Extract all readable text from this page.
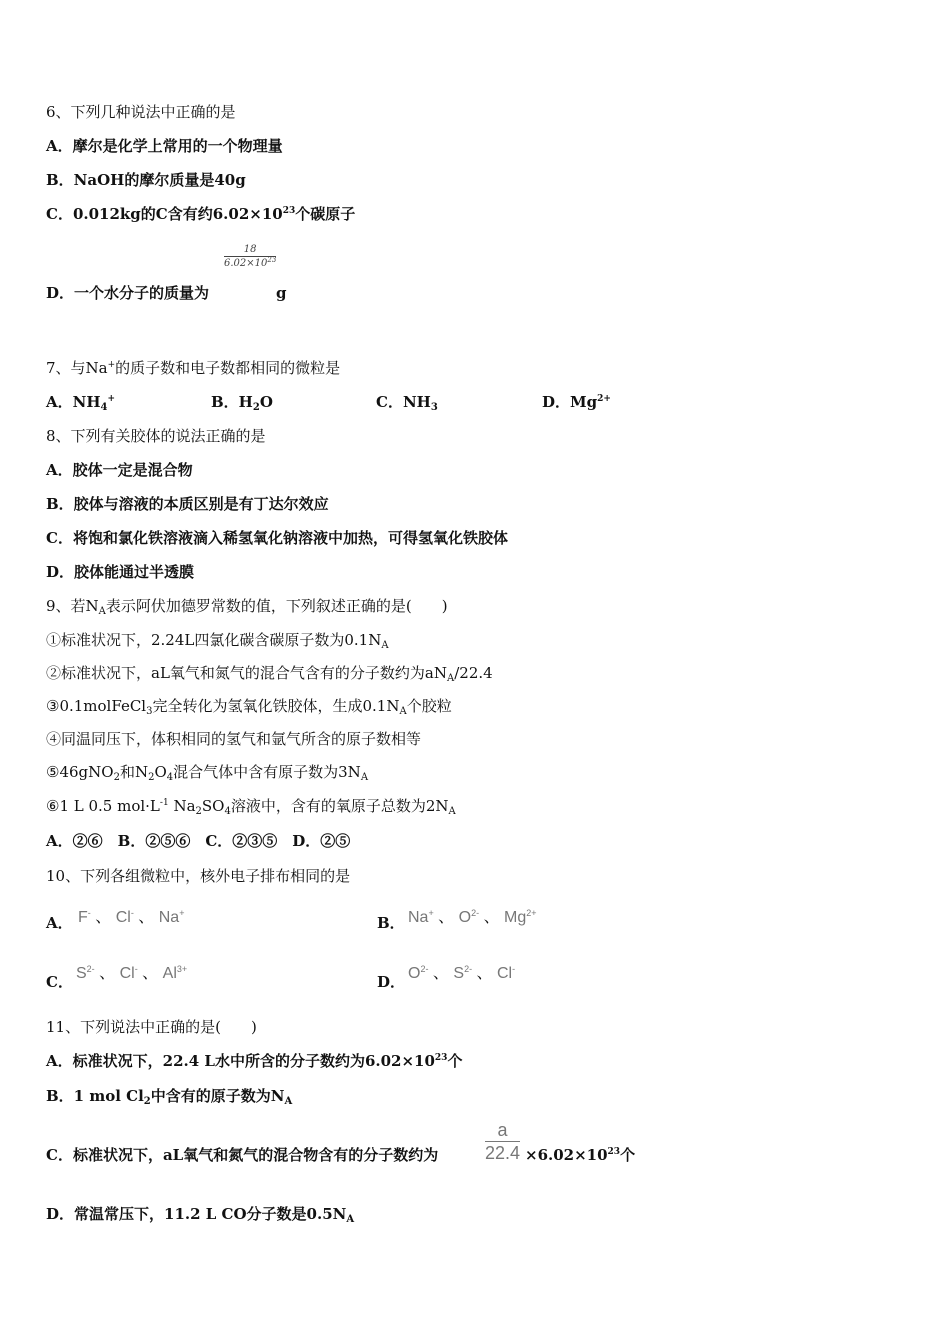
6、下列几种说法中正确的是
A．摩尔是化学上常用的一个物理量
B．NaOH的摩尔质量是40g
C．0.012kg的C含有约$6.02\times 10^{23}$个碳原子
$\frac{18}{6.02\times 10^{23}}$
D．一个水分子的质量为	g
7、与Na+的质子数和电子数都相同的微粒是
A．$NH_4^+$	B．$H_2O$	C．$NH_3$	D．$Mg^{2+}$
8、下列有关胶体的说法正确的是
A．胶体一定是混合物
B．胶体与溶液的本质区别是有丁达尔效应
C．将饱和氯化铁溶液滴入稀氢氧化钠溶液中加热，可得氢氧化铁胶体
D．胶体能通过半透膜
9、若$N_A$表示阿伏加德罗常数的值，下列叙述正确的是(　　)
①标准状况下，2.24L四氯化碳含碳原子数为$0.1N_A$
②标准状况下，aL氧气和氮气的混合气含有的分子数约为$aN_A/22.4$
③0.1molFeCl$_3$完全转化为氢氧化铁胶体，生成$0.1N_A$个胶粒
④同温同压下，体积相同的氢气和氩气所含的原子数相等
⑤46gNO$_2$和$N_2O_4$混合气体中含有原子数为$3N_A$
⑥1 L 0.5 $mol\cdot L^{-1}$ $Na_2SO_4$溶液中，含有的氧原子总数为$2N_A$
A．②⑥　B．②⑤⑥　C．②③⑤　D．②⑤
10、下列各组微粒中，核外电子排布相同的是
A． F- 、 Cl- 、 Na+
B． Na+ 、 $O^{2-}$ 、 $Mg^{2+}$
C． $S^{2-}$ 、 Cl- 、 $Al^{3+}$
D． $O^{2-}$ 、 $S^{2-}$ 、 Cl-
11、下列说法中正确的是(　　)
A．标准状况下，22.4 L水中所含的分子数约为$6.02\times 10^{23}$个
B．1 mol $Cl_2$中含有的原子数为$N_A$
C．标准状况下，aL氧气和氮气的混合物含有的分子数约为	$\frac{a}{22.4} \times 6.02\times 10^{23}$个
D．常温常压下，11.2 L CO分子数是$0.5N_A$
